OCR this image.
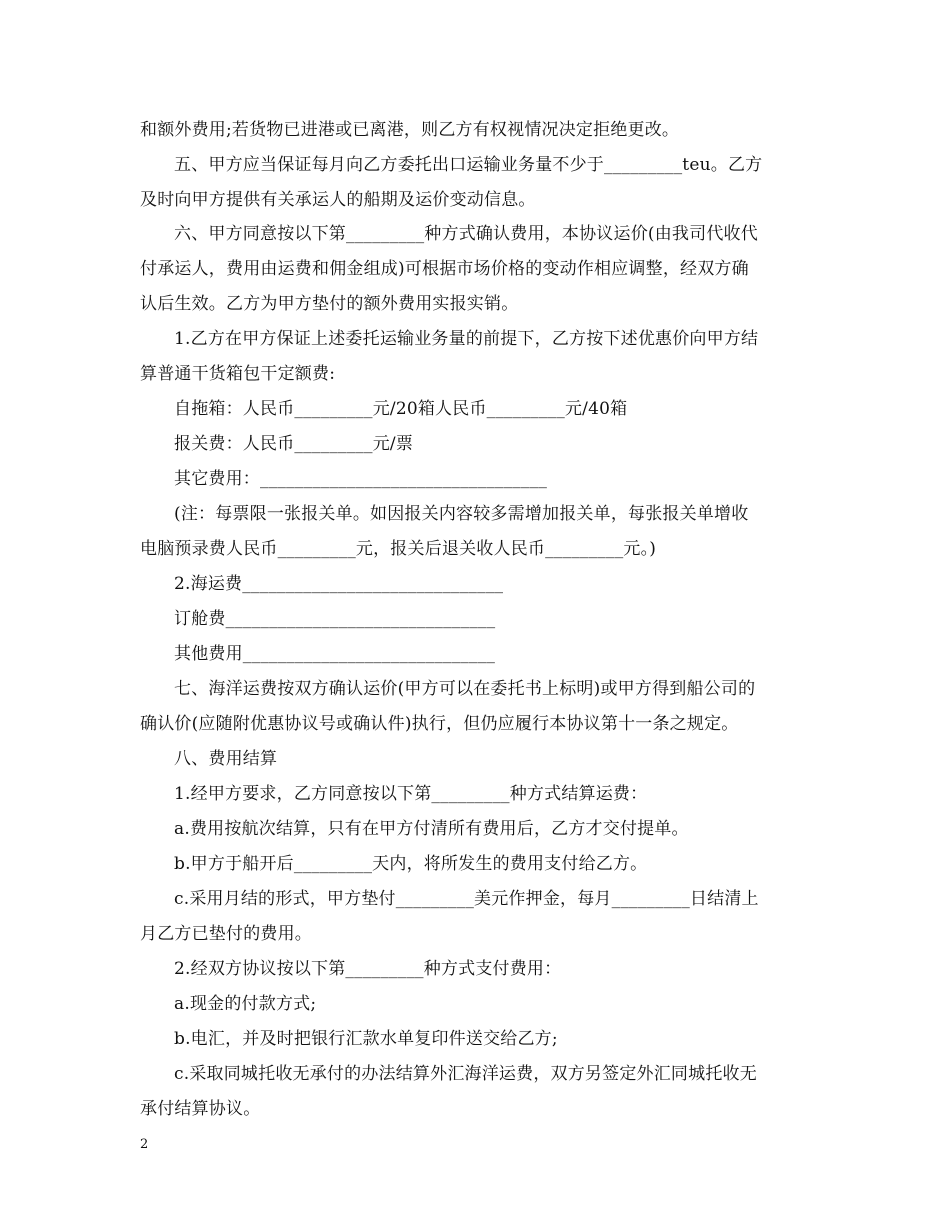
和额外费用;若货物已进港或已离港，则乙方有权视情况决定拒绝更改。
五、甲方应当保证每月向乙方委托出口运输业务量不少于_________teu。乙方
及时向甲方提供有关承运人的船期及运价变动信息。
六、甲方同意按以下第_________种方式确认费用，本协议运价(由我司代收代
付承运人，费用由运费和佣金组成)可根据市场价格的变动作相应调整，经双方确
认后生效。乙方为甲方垫付的额外费用实报实销。
1.乙方在甲方保证上述委托运输业务量的前提下，乙方按下述优惠价向甲方结
算普通干货箱包干定额费:
自拖箱：人民币_________元/20箱人民币_________元/40箱
报关费：人民币_________元/票
其它费用：_________________________________
(注：每票限一张报关单。如因报关内容较多需增加报关单，每张报关单增收
电脑预录费人民币_________元，报关后退关收人民币_________元。)
2.海运费______________________________
订舱费_______________________________
其他费用_____________________________
七、海洋运费按双方确认运价(甲方可以在委托书上标明)或甲方得到船公司的
确认价(应随附优惠协议号或确认件)执行，但仍应履行本协议第十一条之规定。
八、费用结算
1.经甲方要求，乙方同意按以下第_________种方式结算运费：
a.费用按航次结算，只有在甲方付清所有费用后，乙方才交付提单。
b.甲方于船开后_________天内，将所发生的费用支付给乙方。
c.采用月结的形式，甲方垫付_________美元作押金，每月_________日结清上
月乙方已垫付的费用。
2.经双方协议按以下第_________种方式支付费用：
a.现金的付款方式;
b.电汇，并及时把银行汇款水单复印件送交给乙方;
c.采取同城托收无承付的办法结算外汇海洋运费，双方另签定外汇同城托收无
承付结算协议。
2
